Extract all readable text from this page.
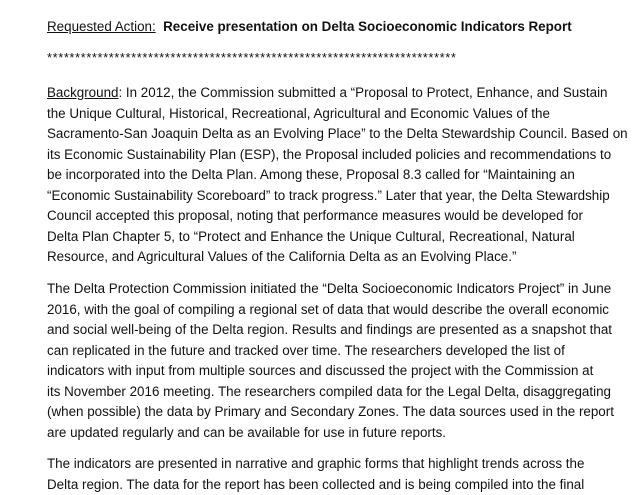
Requested Action: Receive presentation on Delta Socioeconomic Indicators Report
*************************************************************************
Background: In 2012, the Commission submitted a “Proposal to Protect, Enhance, and Sustain
the Unique Cultural, Historical, Recreational, Agricultural and Economic Values of the
Sacramento-San Joaquin Delta as an Evolving Place” to the Delta Stewardship Council. Based on
its Economic Sustainability Plan (ESP), the Proposal included policies and recommendations to
be incorporated into the Delta Plan. Among these, Proposal 8.3 called for “Maintaining an
“Economic Sustainability Scoreboard” to track progress.” Later that year, the Delta Stewardship
Council accepted this proposal, noting that performance measures would be developed for
Delta Plan Chapter 5, to “Protect and Enhance the Unique Cultural, Recreational, Natural
Resource, and Agricultural Values of the California Delta as an Evolving Place.”
The Delta Protection Commission initiated the “Delta Socioeconomic Indicators Project” in June
2016, with the goal of compiling a regional set of data that would describe the overall economic
and social well-being of the Delta region. Results and findings are presented as a snapshot that
can replicated in the future and tracked over time. The researchers developed the list of
indicators with input from multiple sources and discussed the project with the Commission at
its November 2016 meeting. The researchers compiled data for the Legal Delta, disaggregating
(when possible) the data by Primary and Secondary Zones. The data sources used in the report
are updated regularly and can be available for use in future reports.
The indicators are presented in narrative and graphic forms that highlight trends across the
Delta region. The data for the report has been collected and is being compiled into the final
